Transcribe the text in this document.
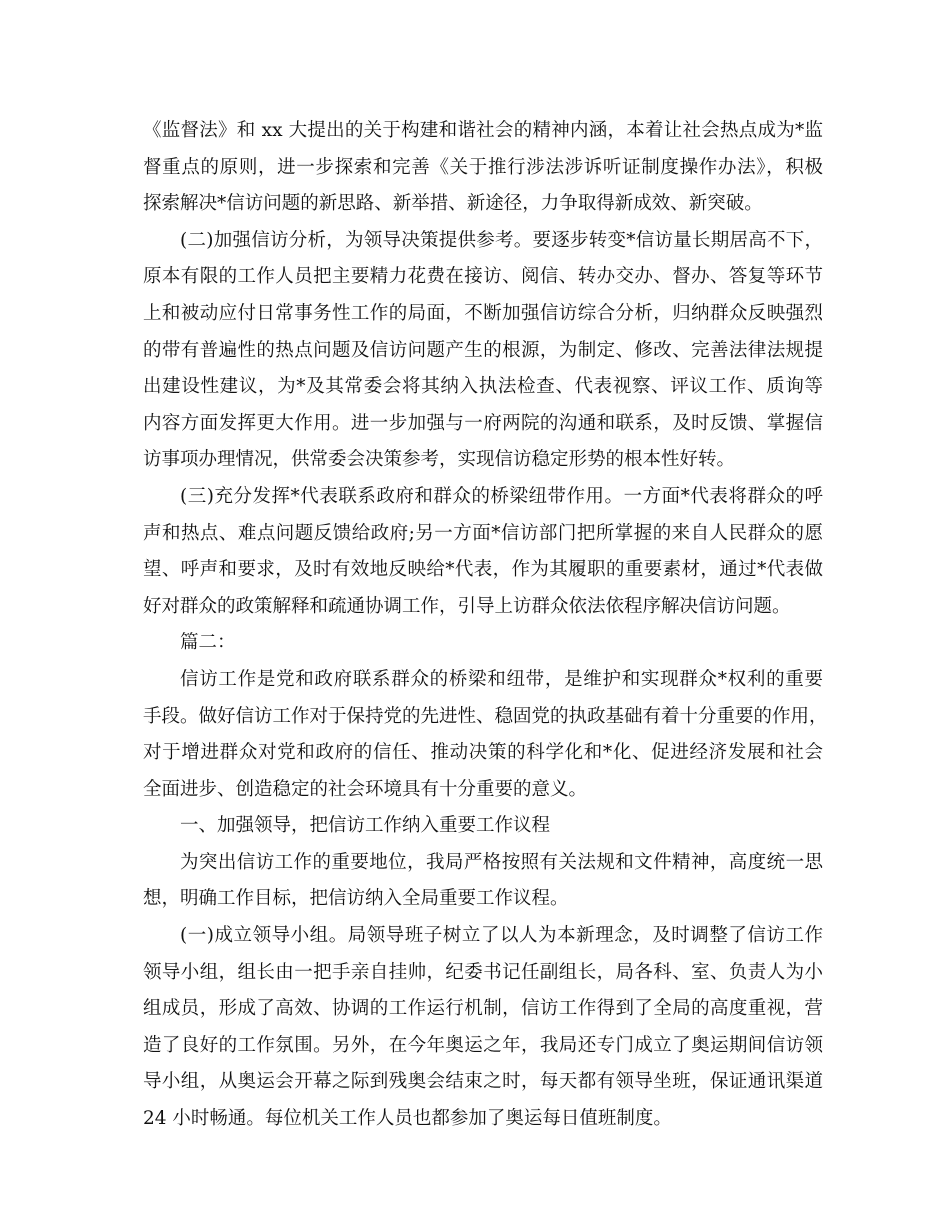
《监督法》和 xx 大提出的关于构建和谐社会的精神内涵，本着让社会热点成为*监
督重点的原则，进一步探索和完善《关于推行涉法涉诉听证制度操作办法》，积极
探索解决*信访问题的新思路、新举措、新途径，力争取得新成效、新突破。
(二)加强信访分析，为领导决策提供参考。要逐步转变*信访量长期居高不下，
原本有限的工作人员把主要精力花费在接访、阅信、转办交办、督办、答复等环节
上和被动应付日常事务性工作的局面，不断加强信访综合分析，归纳群众反映强烈
的带有普遍性的热点问题及信访问题产生的根源，为制定、修改、完善法律法规提
出建设性建议，为*及其常委会将其纳入执法检查、代表视察、评议工作、质询等
内容方面发挥更大作用。进一步加强与一府两院的沟通和联系，及时反馈、掌握信
访事项办理情况，供常委会决策参考，实现信访稳定形势的根本性好转。
(三)充分发挥*代表联系政府和群众的桥梁纽带作用。一方面*代表将群众的呼
声和热点、难点问题反馈给政府;另一方面*信访部门把所掌握的来自人民群众的愿
望、呼声和要求，及时有效地反映给*代表，作为其履职的重要素材，通过*代表做
好对群众的政策解释和疏通协调工作，引导上访群众依法依程序解决信访问题。
篇二：
信访工作是党和政府联系群众的桥梁和纽带，是维护和实现群众*权利的重要
手段。做好信访工作对于保持党的先进性、稳固党的执政基础有着十分重要的作用，
对于增进群众对党和政府的信任、推动决策的科学化和*化、促进经济发展和社会
全面进步、创造稳定的社会环境具有十分重要的意义。
一、加强领导，把信访工作纳入重要工作议程
为突出信访工作的重要地位，我局严格按照有关法规和文件精神，高度统一思
想，明确工作目标，把信访纳入全局重要工作议程。
(一)成立领导小组。局领导班子树立了以人为本新理念，及时调整了信访工作
领导小组，组长由一把手亲自挂帅，纪委书记任副组长，局各科、室、负责人为小
组成员，形成了高效、协调的工作运行机制，信访工作得到了全局的高度重视，营
造了良好的工作氛围。另外，在今年奥运之年，我局还专门成立了奥运期间信访领
导小组，从奥运会开幕之际到残奥会结束之时，每天都有领导坐班，保证通讯渠道
24 小时畅通。每位机关工作人员也都参加了奥运每日值班制度。
